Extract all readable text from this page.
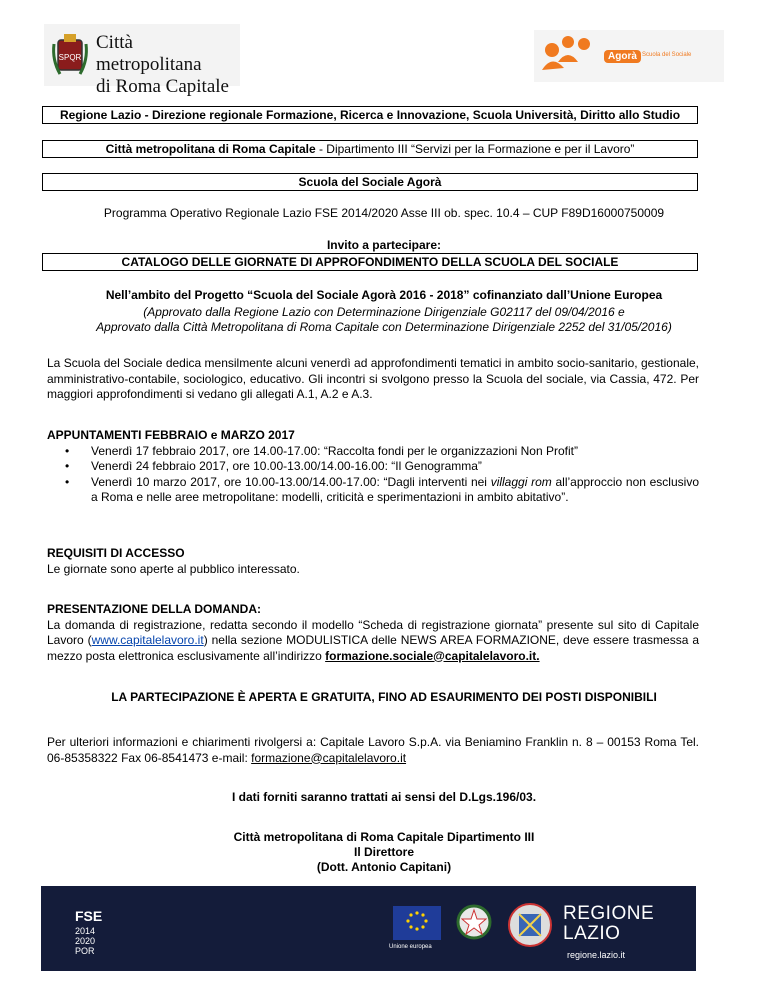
SPQR
Città metropolitana
di Roma Capitale
Agorà Scuola del Sociale
Regione Lazio - Direzione regionale Formazione, Ricerca e Innovazione, Scuola Università, Diritto allo Studio
Città metropolitana di Roma Capitale - Dipartimento III “Servizi per la Formazione e per il Lavoro”
Scuola del Sociale Agorà
Programma Operativo Regionale Lazio FSE 2014/2020 Asse III ob. spec. 10.4 – CUP F89D16000750009
Invito a partecipare:
CATALOGO DELLE GIORNATE DI APPROFONDIMENTO DELLA SCUOLA DEL SOCIALE
Nell’ambito del Progetto “Scuola del Sociale Agorà 2016 - 2018” cofinanziato dall’Unione Europea
(Approvato dalla Regione Lazio con Determinazione Dirigenziale G02117 del 09/04/2016 e
Approvato dalla Città Metropolitana di Roma Capitale con Determinazione Dirigenziale 2252 del 31/05/2016)
La Scuola del Sociale dedica mensilmente alcuni venerdì ad approfondimenti tematici in ambito socio-sanitario, gestionale, amministrativo-contabile, sociologico, educativo. Gli incontri si svolgono presso la Scuola del sociale, via Cassia, 472. Per maggiori approfondimenti si vedano gli allegati A.1, A.2 e A.3.
APPUNTAMENTI FEBBRAIO e MARZO 2017
• Venerdì 17 febbraio 2017, ore 14.00-17.00: “Raccolta fondi per le organizzazioni Non Profit”
• Venerdì 24 febbraio 2017, ore 10.00-13.00/14.00-16.00: “Il Genogramma”
• Venerdì 10 marzo 2017, ore 10.00-13.00/14.00-17.00: “Dagli interventi nei villaggi rom all’approccio non esclusivo a Roma e nelle aree metropolitane: modelli, criticità e sperimentazioni in ambito abitativo”.
REQUISITI DI ACCESSO
Le giornate sono aperte al pubblico interessato.
PRESENTAZIONE DELLA DOMANDA:
La domanda di registrazione, redatta secondo il modello “Scheda di registrazione giornata” presente sul sito di Capitale Lavoro (www.capitalelavoro.it) nella sezione MODULISTICA delle NEWS AREA FORMAZIONE, deve essere trasmessa a mezzo posta elettronica esclusivamente all’indirizzo formazione.sociale@capitalelavoro.it.
LA PARTECIPAZIONE È APERTA E GRATUITA, FINO AD ESAURIMENTO DEI POSTI DISPONIBILI
Per ulteriori informazioni e chiarimenti rivolgersi a: Capitale Lavoro S.p.A. via Beniamino Franklin n. 8 – 00153 Roma Tel. 06-85358322 Fax 06-8541473 e-mail: formazione@capitalelavoro.it
I dati forniti saranno trattati ai sensi del D.Lgs.196/03.
Città metropolitana di Roma Capitale Dipartimento III
Il Direttore
(Dott. Antonio Capitani)
FSE
2014 2020 POR	Unione europea
REGIONE
LAZIO
regione.lazio.it
